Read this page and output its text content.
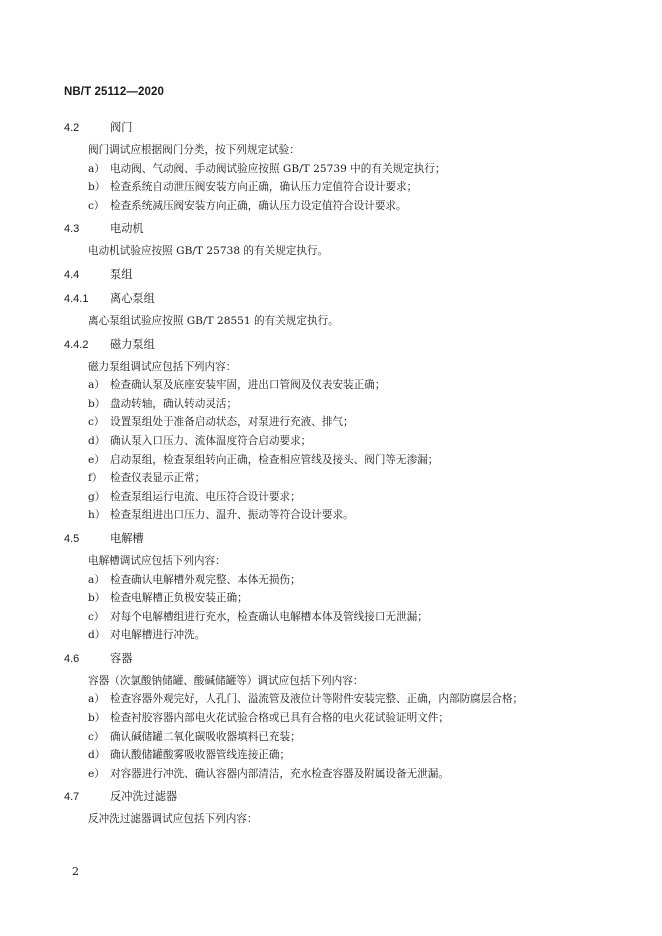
NB/T 25112—2020
4.2	阀门
阀门调试应根据阀门分类，按下列规定试验：
a） 电动阀、气动阀、手动阀试验应按照 GB/T 25739 中的有关规定执行；
b） 检查系统自动泄压阀安装方向正确，确认压力定值符合设计要求；
c） 检查系统减压阀安装方向正确，确认压力设定值符合设计要求。
4.3	电动机
电动机试验应按照 GB/T 25738 的有关规定执行。
4.4	泵组
4.4.1	离心泵组
离心泵组试验应按照 GB/T 28551 的有关规定执行。
4.4.2	磁力泵组
磁力泵组调试应包括下列内容：
a） 检查确认泵及底座安装牢固，进出口管阀及仪表安装正确；
b） 盘动转轴，确认转动灵活；
c） 设置泵组处于准备启动状态，对泵进行充液、排气；
d） 确认泵入口压力、流体温度符合启动要求；
e） 启动泵组，检查泵组转向正确，检查相应管线及接头、阀门等无渗漏；
f） 检查仪表显示正常；
g） 检查泵组运行电流、电压符合设计要求；
h） 检查泵组进出口压力、温升、振动等符合设计要求。
4.5	电解槽
电解槽调试应包括下列内容：
a） 检查确认电解槽外观完整、本体无损伤；
b） 检查电解槽正负极安装正确；
c） 对每个电解槽组进行充水，检查确认电解槽本体及管线接口无泄漏；
d） 对电解槽进行冲洗。
4.6	容器
容器（次氯酸钠储罐、酸碱储罐等）调试应包括下列内容：
a） 检查容器外观完好，人孔门、溢流管及液位计等附件安装完整、正确，内部防腐层合格；
b） 检查衬胶容器内部电火花试验合格或已具有合格的电火花试验证明文件；
c） 确认碱储罐二氧化碳吸收器填料已充装；
d） 确认酸储罐酸雾吸收器管线连接正确；
e） 对容器进行冲洗、确认容器内部清洁，充水检查容器及附属设备无泄漏。
4.7	反冲洗过滤器
反冲洗过滤器调试应包括下列内容：
2
